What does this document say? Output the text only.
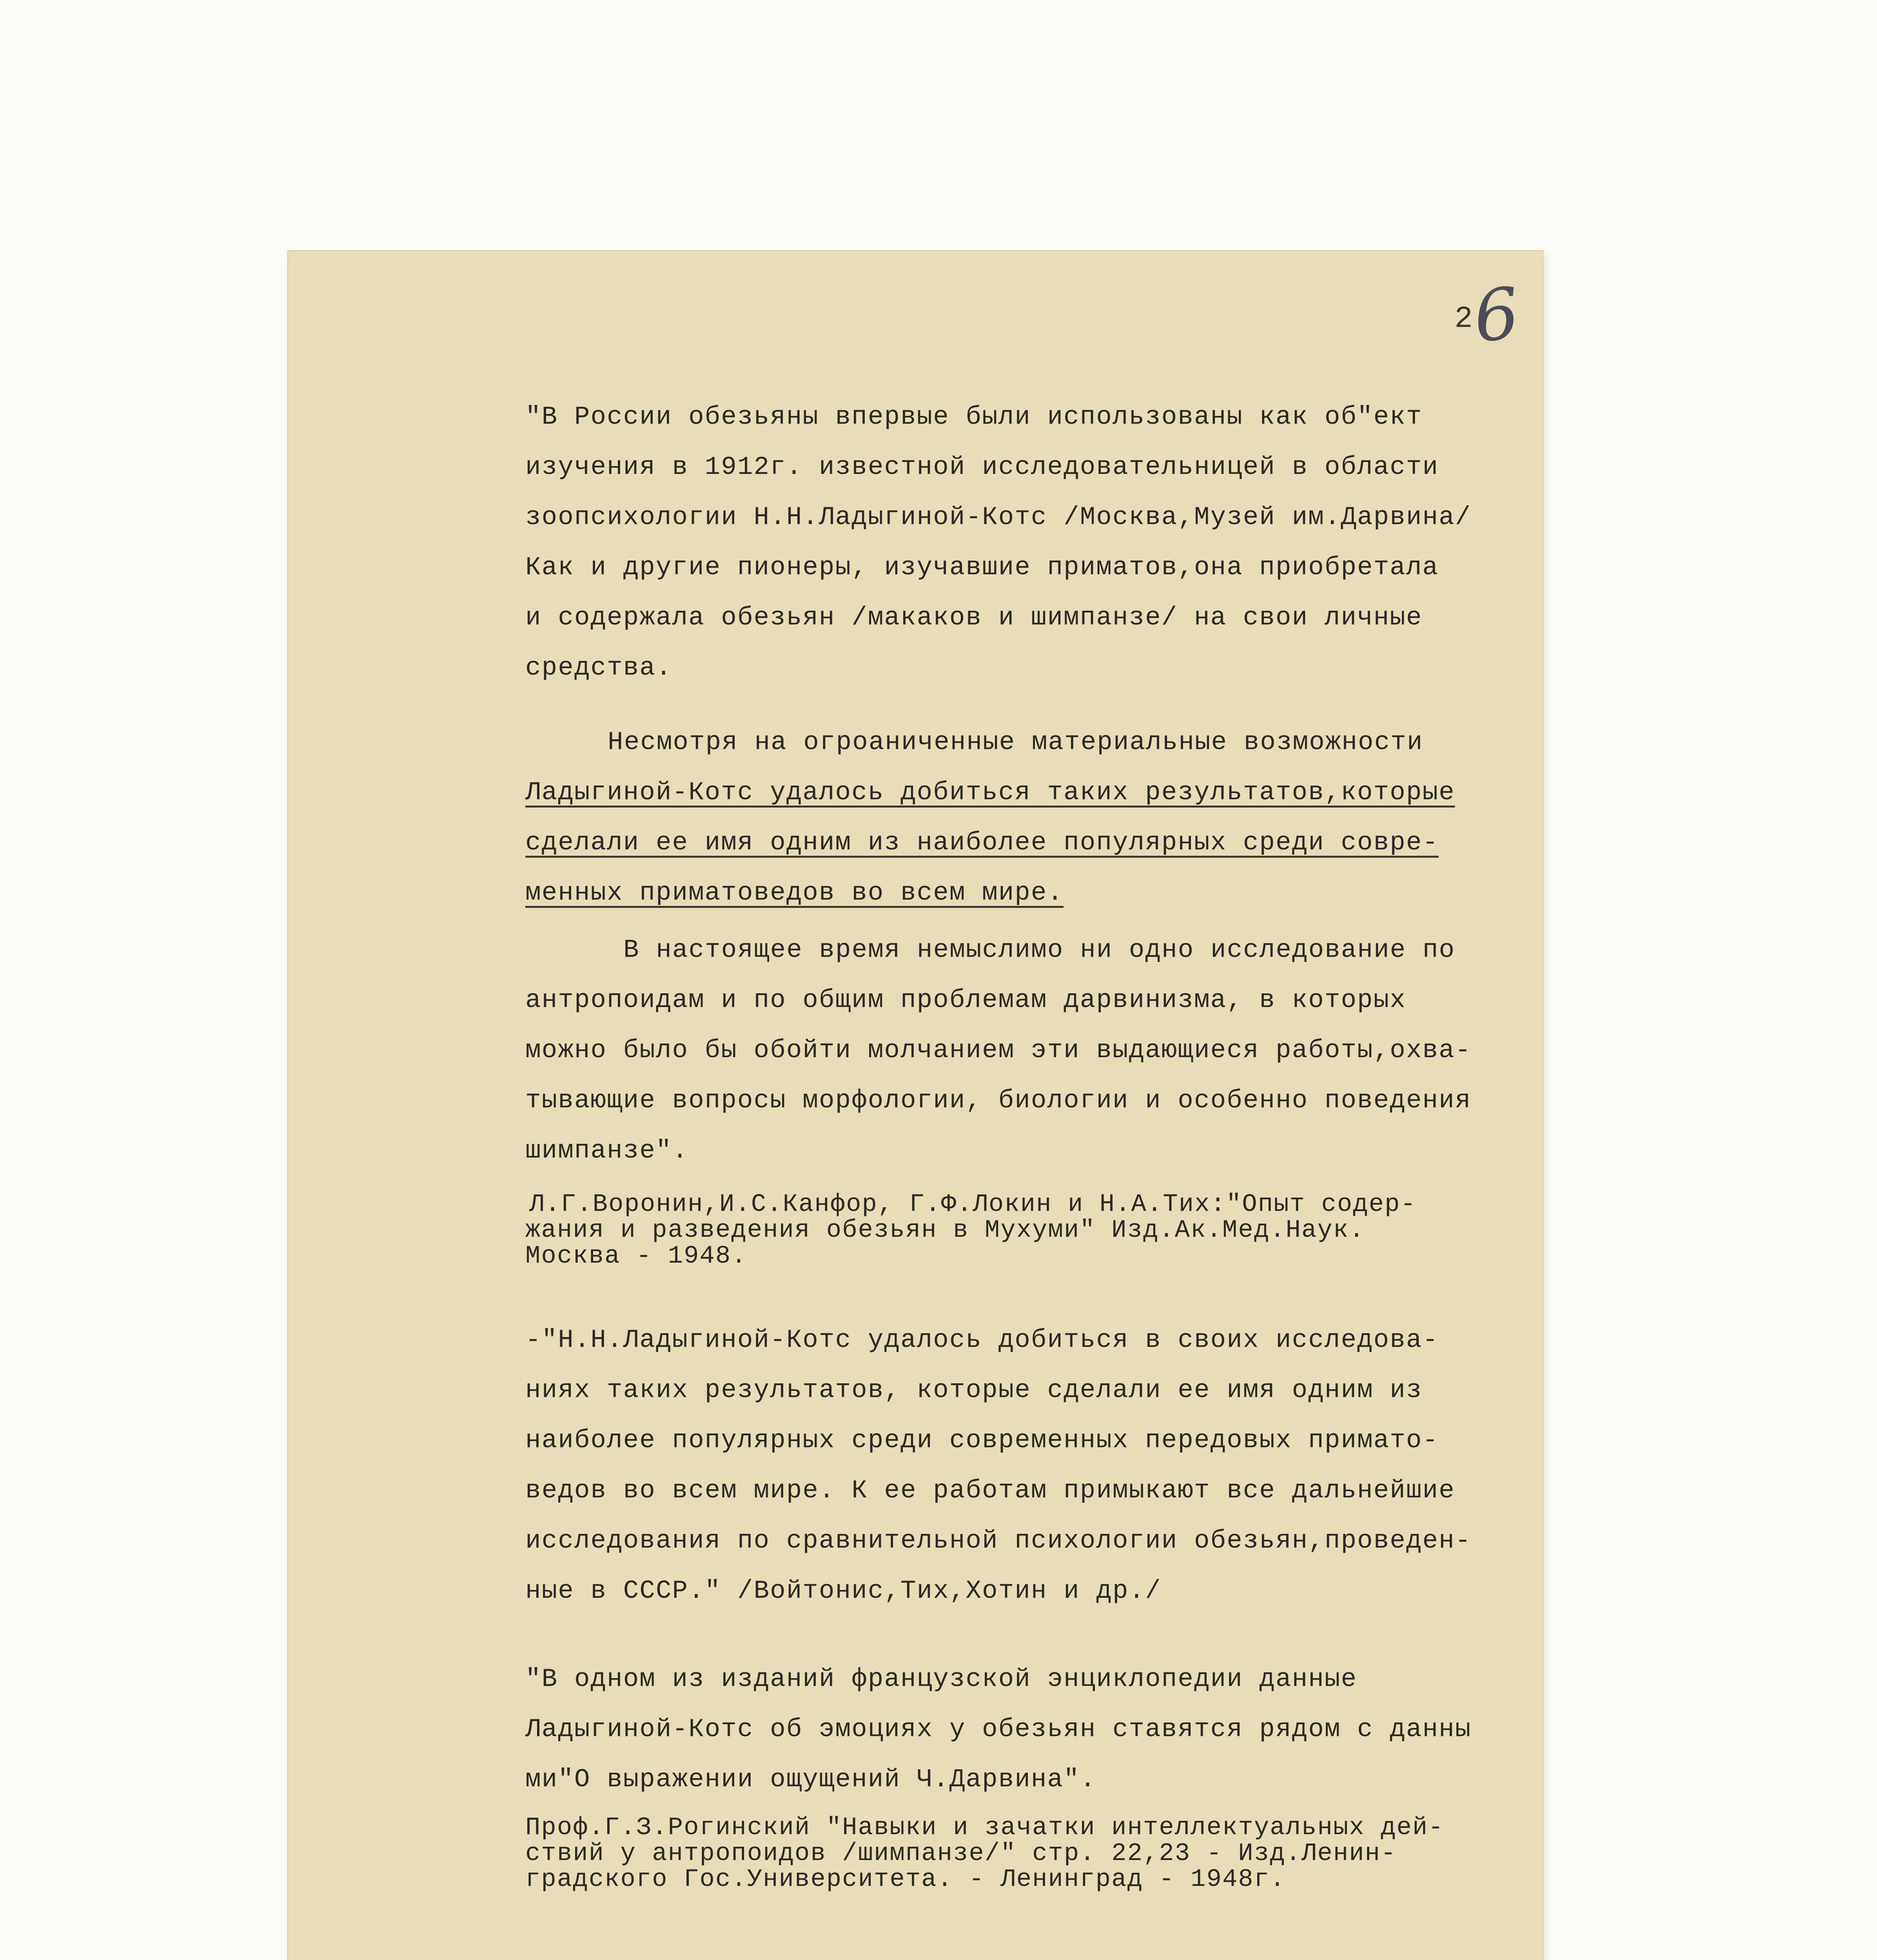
2
6
"В России обезьяны впервые были использованы как об"ект
изучения в 1912г. известной исследовательницей в области
зоопсихологии Н.Н.Ладыгиной-Котс /Москва,Музей им.Дарвина/
Как и другие пионеры, изучавшие приматов,она приобретала
и содержала обезьян /макаков и шимпанзе/ на свои личные
средства.
Несмотря на огроаниченные материальные возможности
Ладыгиной-Котс удалось добиться таких результатов,которые
сделали ее имя одним из наиболее популярных среди совре-
менных приматоведов во всем мире.
В настоящее время немыслимо ни одно исследование по
антропоидам и по общим проблемам дарвинизма, в которых
можно было бы обойти молчанием эти выдающиеся работы,охва-
тывающие вопросы морфологии, биологии и особенно поведения
шимпанзе".
Л.Г.Воронин,И.С.Канфор, Г.Ф.Локин и Н.А.Тих:"Опыт содер-
жания и разведения обезьян в Мухуми" Изд.Ак.Мед.Наук.
Москва - 1948.
-"Н.Н.Ладыгиной-Котс удалось добиться в своих исследова-
ниях таких результатов, которые сделали ее имя одним из
наиболее популярных среди современных передовых примато-
ведов во всем мире. К ее работам примыкают все дальнейшие
исследования по сравнительной психологии обезьян,проведен-
ные в СССР." /Войтонис,Тих,Хотин и др./
"В одном из изданий французской энциклопедии данные
Ладыгиной-Котс об эмоциях у обезьян ставятся рядом с данны
ми"О выражении ощущений Ч.Дарвина".
Проф.Г.З.Рогинский "Навыки и зачатки интеллектуальных дей-
ствий у антропоидов /шимпанзе/" стр. 22,23 - Изд.Ленин-
градского Гос.Университета. - Ленинград - 1948г.
